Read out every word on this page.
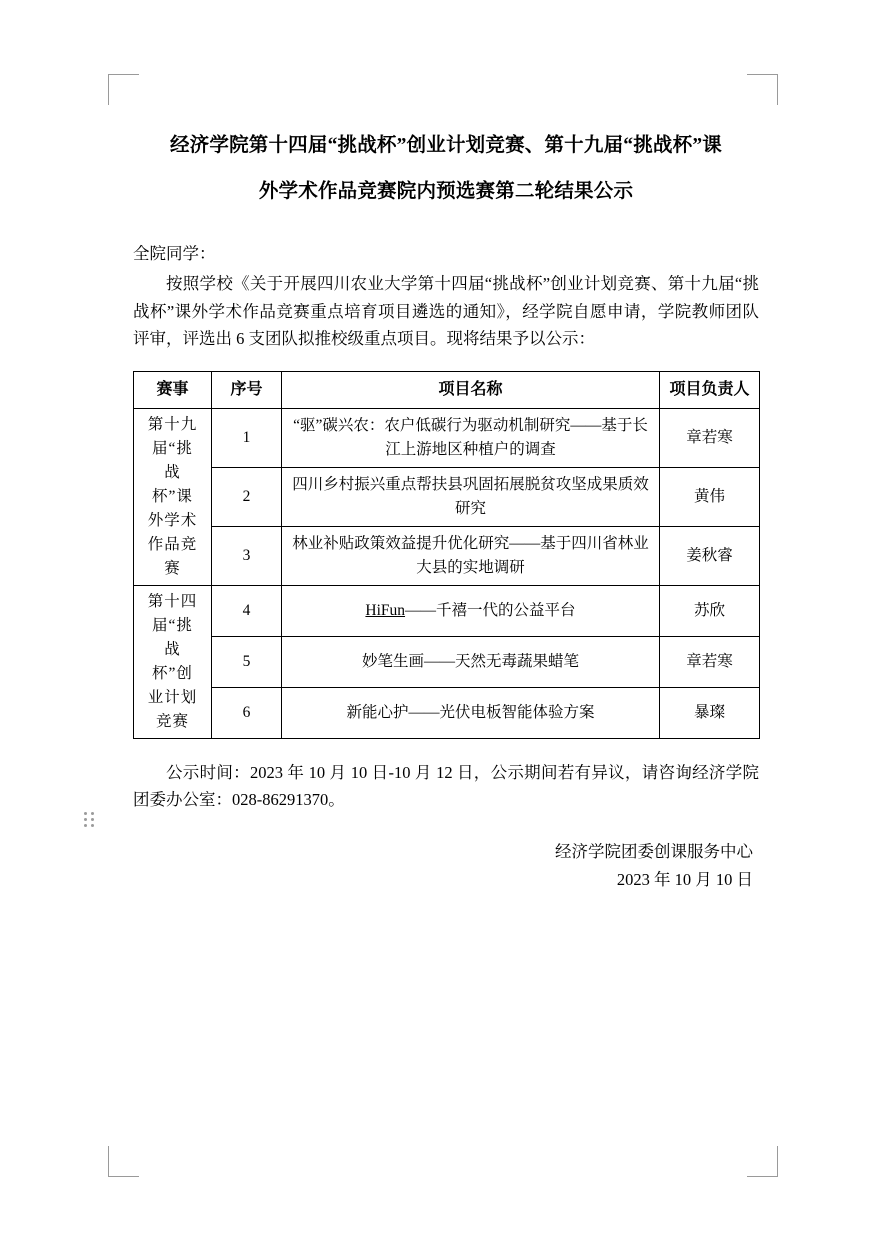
经济学院第十四届“挑战杯”创业计划竞赛、第十九届“挑战杯”课
外学术作品竞赛院内预选赛第二轮结果公示
全院同学：

按照学校《关于开展四川农业大学第十四届“挑战杯”创业计划竞赛、第十九届“挑战杯”课外学术作品竞赛重点培育项目遴选的通知》，经学院自愿申请，学院教师团队评审，评选出 6 支团队拟推校级重点项目。现将结果予以公示：

赛事	序号	项目名称	项目负责人
第十九届“挑战杯”课外学术作品竞赛	1	“驱”碳兴农：农户低碳行为驱动机制研究——基于长江上游地区种植户的调查	章若寒
	2	四川乡村振兴重点帮扶县巩固拓展脱贫攻坚成果质效研究	黄伟
	3	林业补贴政策效益提升优化研究——基于四川省林业大县的实地调研	姜秋睿
第十四届“挑战杯”创业计划竞赛	4	HiFun——千禧一代的公益平台	苏欣
	5	妙笔生画——天然无毒蔬果蜡笔	章若寒
	6	新能心护——光伏电板智能体验方案	暴璨

公示时间：2023 年 10 月 10 日-10 月 12 日，公示期间若有异议，请咨询经济学院团委办公室：028-86291370。

经济学院团委创课服务中心
2023 年 10 月 10 日
